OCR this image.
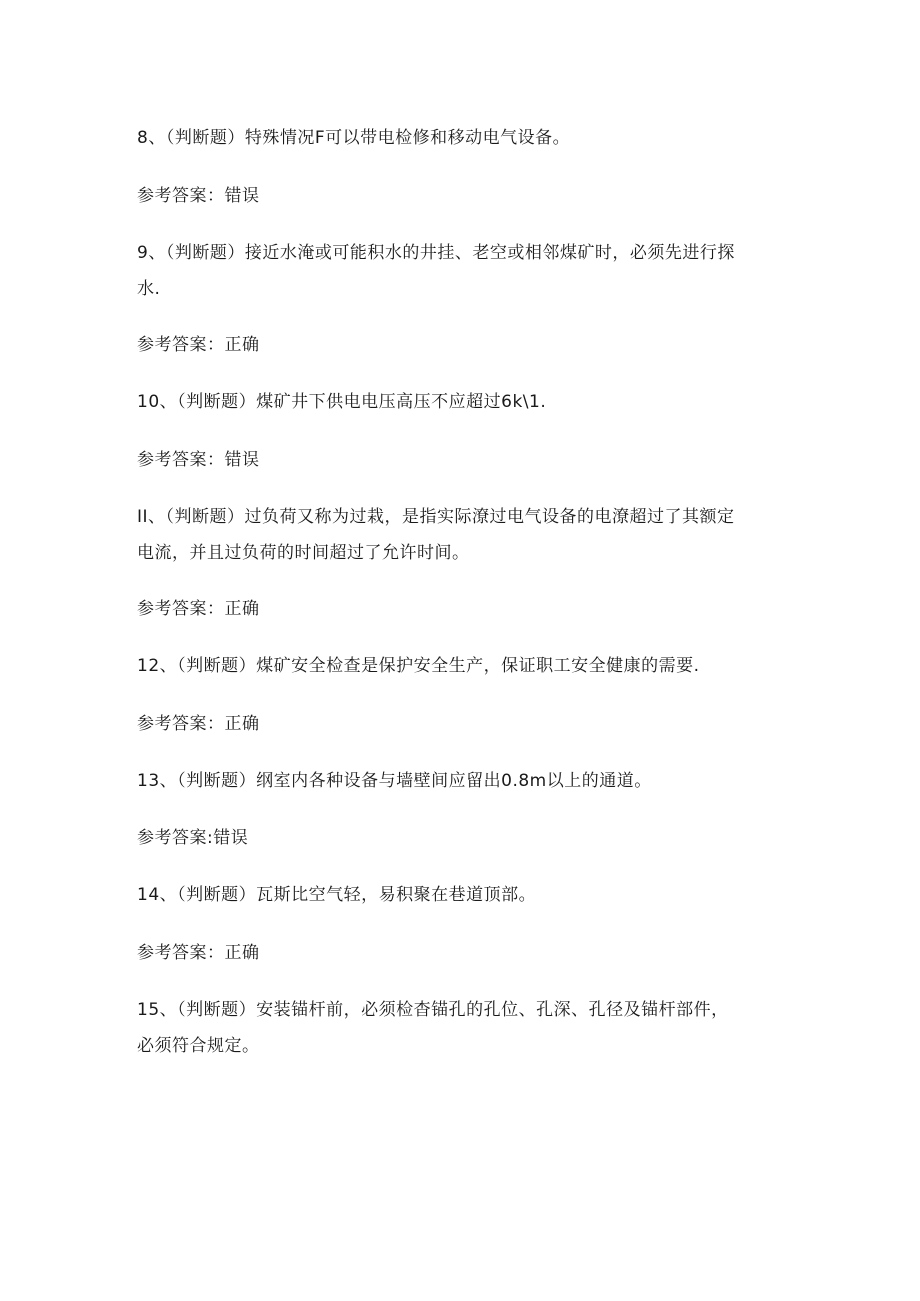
8、（判断题）特殊情况F可以带电检修和移动电气设备。
参考答案：错误
9、（判断题）接近水淹或可能积水的井挂、老空或相邻煤矿时，必须先进行探
水.
参考答案：正确
10、（判断题）煤矿井下供电电压高压不应超过6k\1.
参考答案：错误
II、（判断题）过负荷又称为过栽，是指实际潦过电气设备的电潦超过了其额定
电流，并且过负荷的时间超过了允许时间。
参考答案：正确
12、（判断题）煤矿安全检查是保护安全生产，保证职工安全健康的需要.
参考答案：正确
13、（判断题）纲室内各种设备与墙壁间应留出0.8m以上的通道。
参考答案:错误
14、（判断题）瓦斯比空气轻，易积聚在巷道顶部。
参考答案：正确
15、（判断题）安装锚杆前，必须检杳锚孔的孔位、孔深、孔径及锚杆部件，
必须符合规定。
